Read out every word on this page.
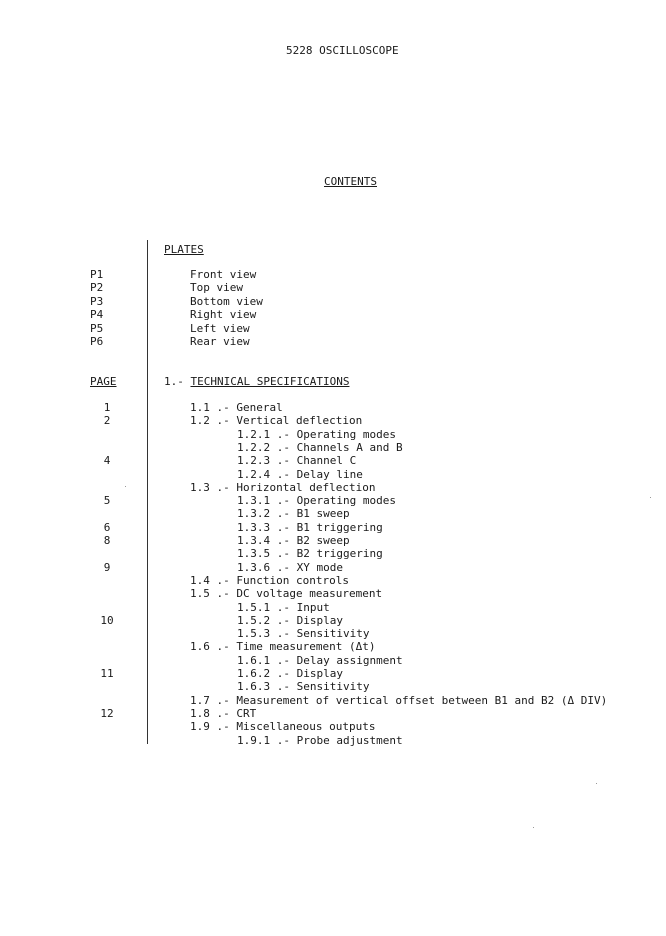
5228 OSCILLOSCOPE
CONTENTS
PLATES
P1	Front view
P2	Top view
P3	Bottom view
P4	Right view
P5	Left view
P6	Rear view
PAGE	1.- TECHNICAL SPECIFICATIONS
1	1.1 .- General
2	1.2 .- Vertical deflection
1.2.1 .- Operating modes
1.2.2 .- Channels A and B
4	1.2.3 .- Channel C
1.2.4 .- Delay line
1.3 .- Horizontal deflection
5	1.3.1 .- Operating modes
1.3.2 .- B1 sweep
6	1.3.3 .- B1 triggering
8	1.3.4 .- B2 sweep
1.3.5 .- B2 triggering
9	1.3.6 .- XY mode
1.4 .- Function controls
1.5 .- DC voltage measurement
1.5.1 .- Input
10	1.5.2 .- Display
1.5.3 .- Sensitivity
1.6 .- Time measurement (Δt)
1.6.1 .- Delay assignment
11	1.6.2 .- Display
1.6.3 .- Sensitivity
1.7 .- Measurement of vertical offset between B1 and B2 (Δ DIV)
12	1.8 .- CRT
1.9 .- Miscellaneous outputs
1.9.1 .- Probe adjustment
